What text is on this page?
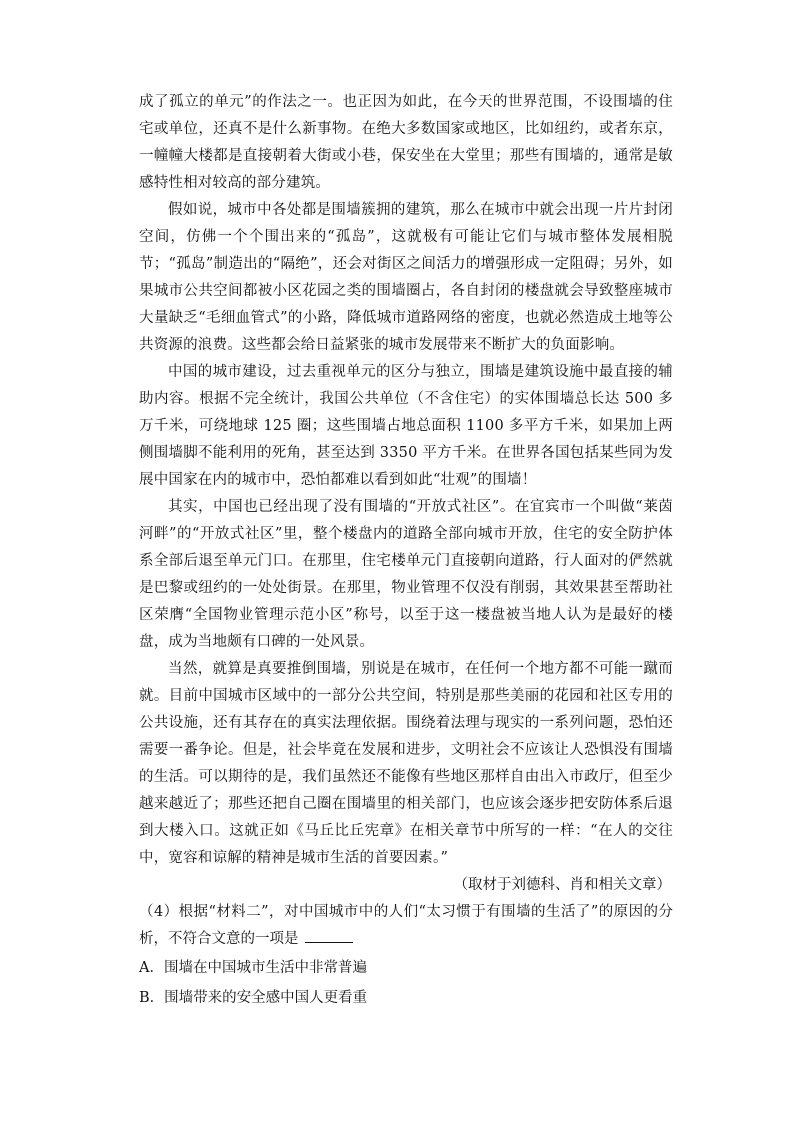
成了孤立的单元”的作法之一。也正因为如此，在今天的世界范围，不设围墙的住宅或单位，还真不是什么新事物。在绝大多数国家或地区，比如纽约，或者东京，一幢幢大楼都是直接朝着大街或小巷，保安坐在大堂里；那些有围墙的，通常是敏感特性相对较高的部分建筑。

假如说，城市中各处都是围墙簇拥的建筑，那么在城市中就会出现一片片封闭空间，仿佛一个个围出来的“孤岛”，这就极有可能让它们与城市整体发展相脱节；“孤岛”制造出的“隔绝”，还会对街区之间活力的增强形成一定阻碍；另外，如果城市公共空间都被小区花园之类的围墙圈占，各自封闭的楼盘就会导致整座城市大量缺乏“毛细血管式”的小路，降低城市道路网络的密度，也就必然造成土地等公共资源的浪费。这些都会给日益紧张的城市发展带来不断扩大的负面影响。

中国的城市建设，过去重视单元的区分与独立，围墙是建筑设施中最直接的辅助内容。根据不完全统计，我国公共单位（不含住宅）的实体围墙总长达 500 多万千米，可绕地球 125 圈；这些围墙占地总面积 1100 多平方千米，如果加上两侧围墙脚不能利用的死角，甚至达到 3350 平方千米。在世界各国包括某些同为发展中国家在内的城市中，恐怕都难以看到如此“壮观”的围墙！

其实，中国也已经出现了没有围墙的“开放式社区”。在宜宾市一个叫做“莱茵河畔”的“开放式社区”里，整个楼盘内的道路全部向城市开放，住宅的安全防护体系全部后退至单元门口。在那里，住宅楼单元门直接朝向道路，行人面对的俨然就是巴黎或纽约的一处处街景。在那里，物业管理不仅没有削弱，其效果甚至帮助社区荣膺“全国物业管理示范小区”称号，以至于这一楼盘被当地人认为是最好的楼盘，成为当地颇有口碑的一处风景。

当然，就算是真要推倒围墙，别说是在城市，在任何一个地方都不可能一蹴而就。目前中国城市区域中的一部分公共空间，特别是那些美丽的花园和社区专用的公共设施，还有其存在的真实法理依据。围绕着法理与现实的一系列问题，恐怕还需要一番争论。但是，社会毕竟在发展和进步，文明社会不应该让人恐惧没有围墙的生活。可以期待的是，我们虽然还不能像有些地区那样自由出入市政厅，但至少越来越近了；那些还把自己圈在围墙里的相关部门，也应该会逐步把安防体系后退到大楼入口。这就正如《马丘比丘宪章》在相关章节中所写的一样：“在人的交往中，宽容和谅解的精神是城市生活的首要因素。”

（取材于刘德科、肖和相关文章）

（4）根据“材料二”，对中国城市中的人们“太习惯于有围墙的生活了”的原因的分析，不符合文意的一项是

A．围墙在中国城市生活中非常普遍

B．围墙带来的安全感中国人更看重
